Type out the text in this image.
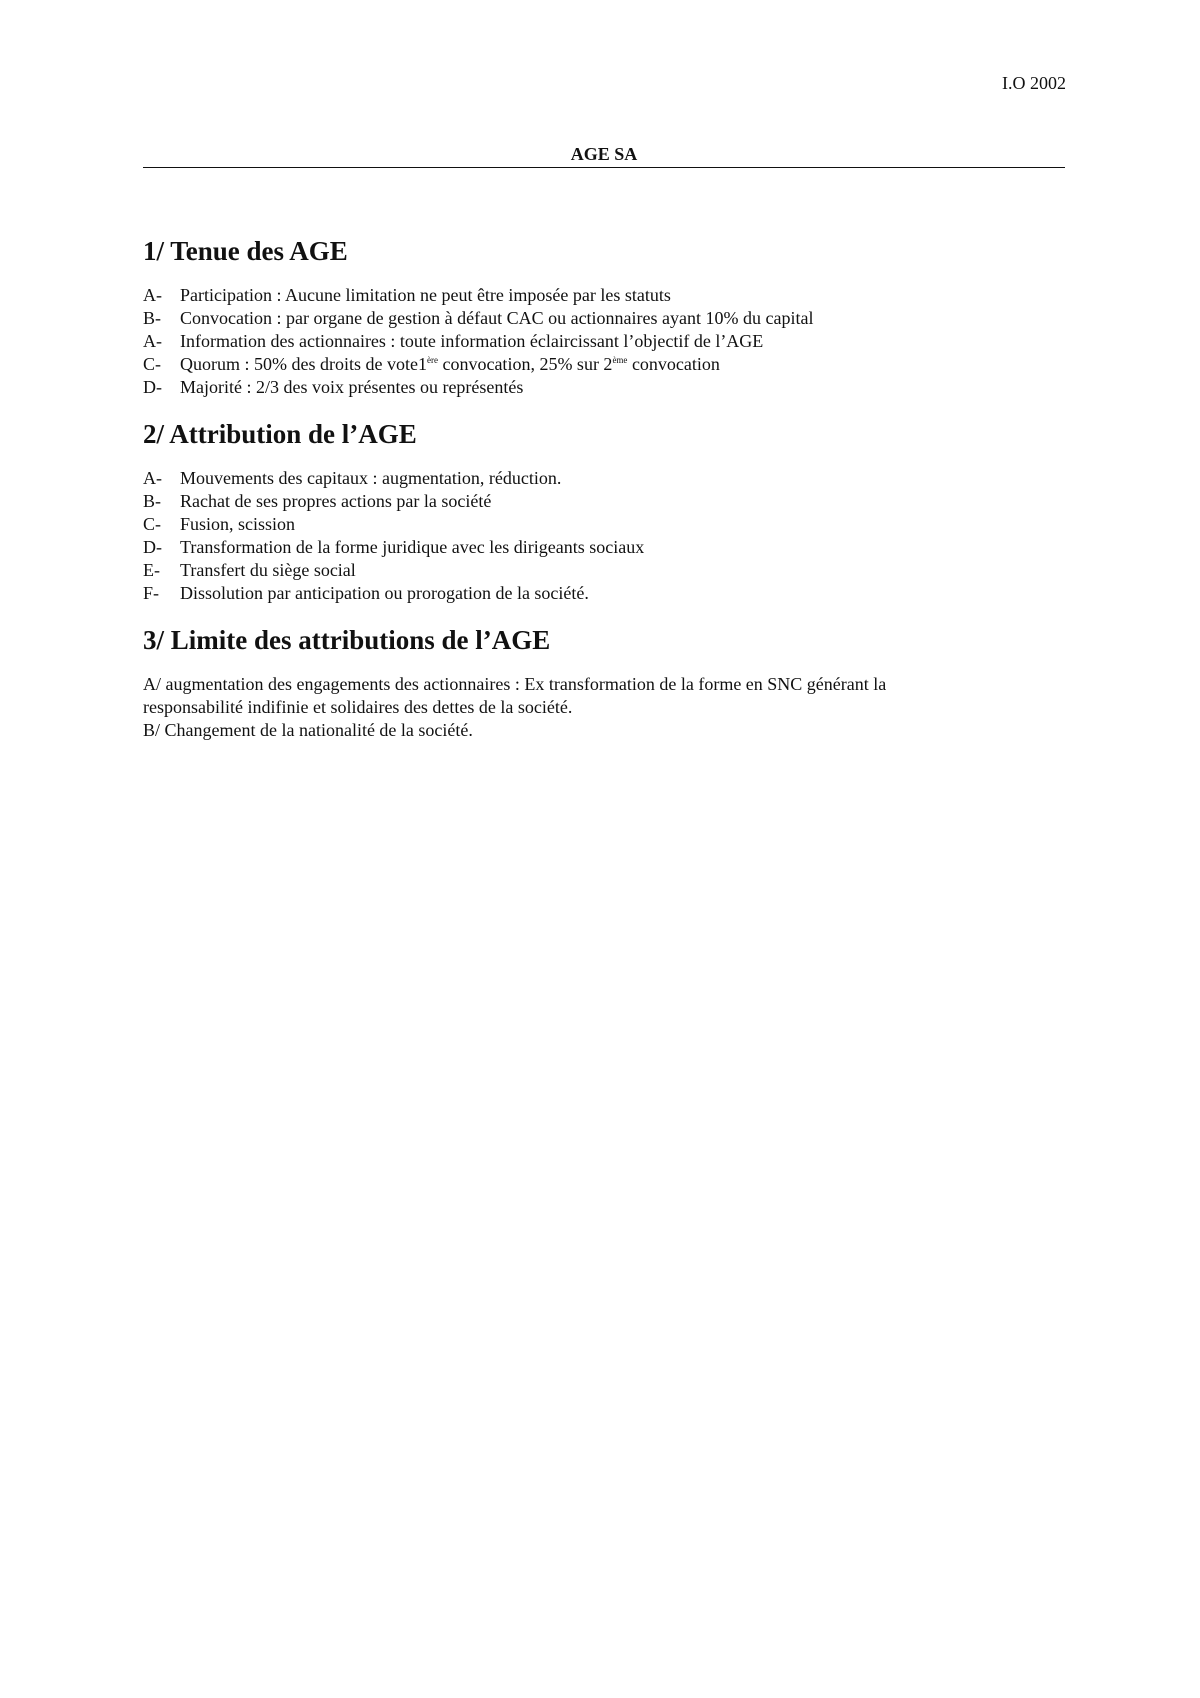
I.O 2002
AGE SA
1/ Tenue des AGE
A-	Participation : Aucune limitation ne peut être imposée par les statuts
B-	Convocation : par organe de gestion à défaut CAC ou actionnaires ayant 10% du capital
A-	Information des actionnaires : toute information éclaircissant l’objectif de l’AGE
C-	Quorum : 50% des droits de vote1ère convocation, 25% sur 2ème convocation
D-	Majorité : 2/3 des voix présentes ou représentés
2/ Attribution de l’AGE
A-	Mouvements des capitaux : augmentation, réduction.
B-	Rachat de ses propres actions par la société
C-	Fusion, scission
D-	Transformation de la forme juridique avec les dirigeants sociaux
E-	Transfert du siège social
F-	Dissolution par anticipation ou prorogation de la société.
3/ Limite des attributions de l’AGE

A/ augmentation des engagements des actionnaires : Ex transformation de la forme en SNC générant la

responsabilité indifinie et solidaires des dettes de la société.

B/ Changement de la nationalité de la société.
